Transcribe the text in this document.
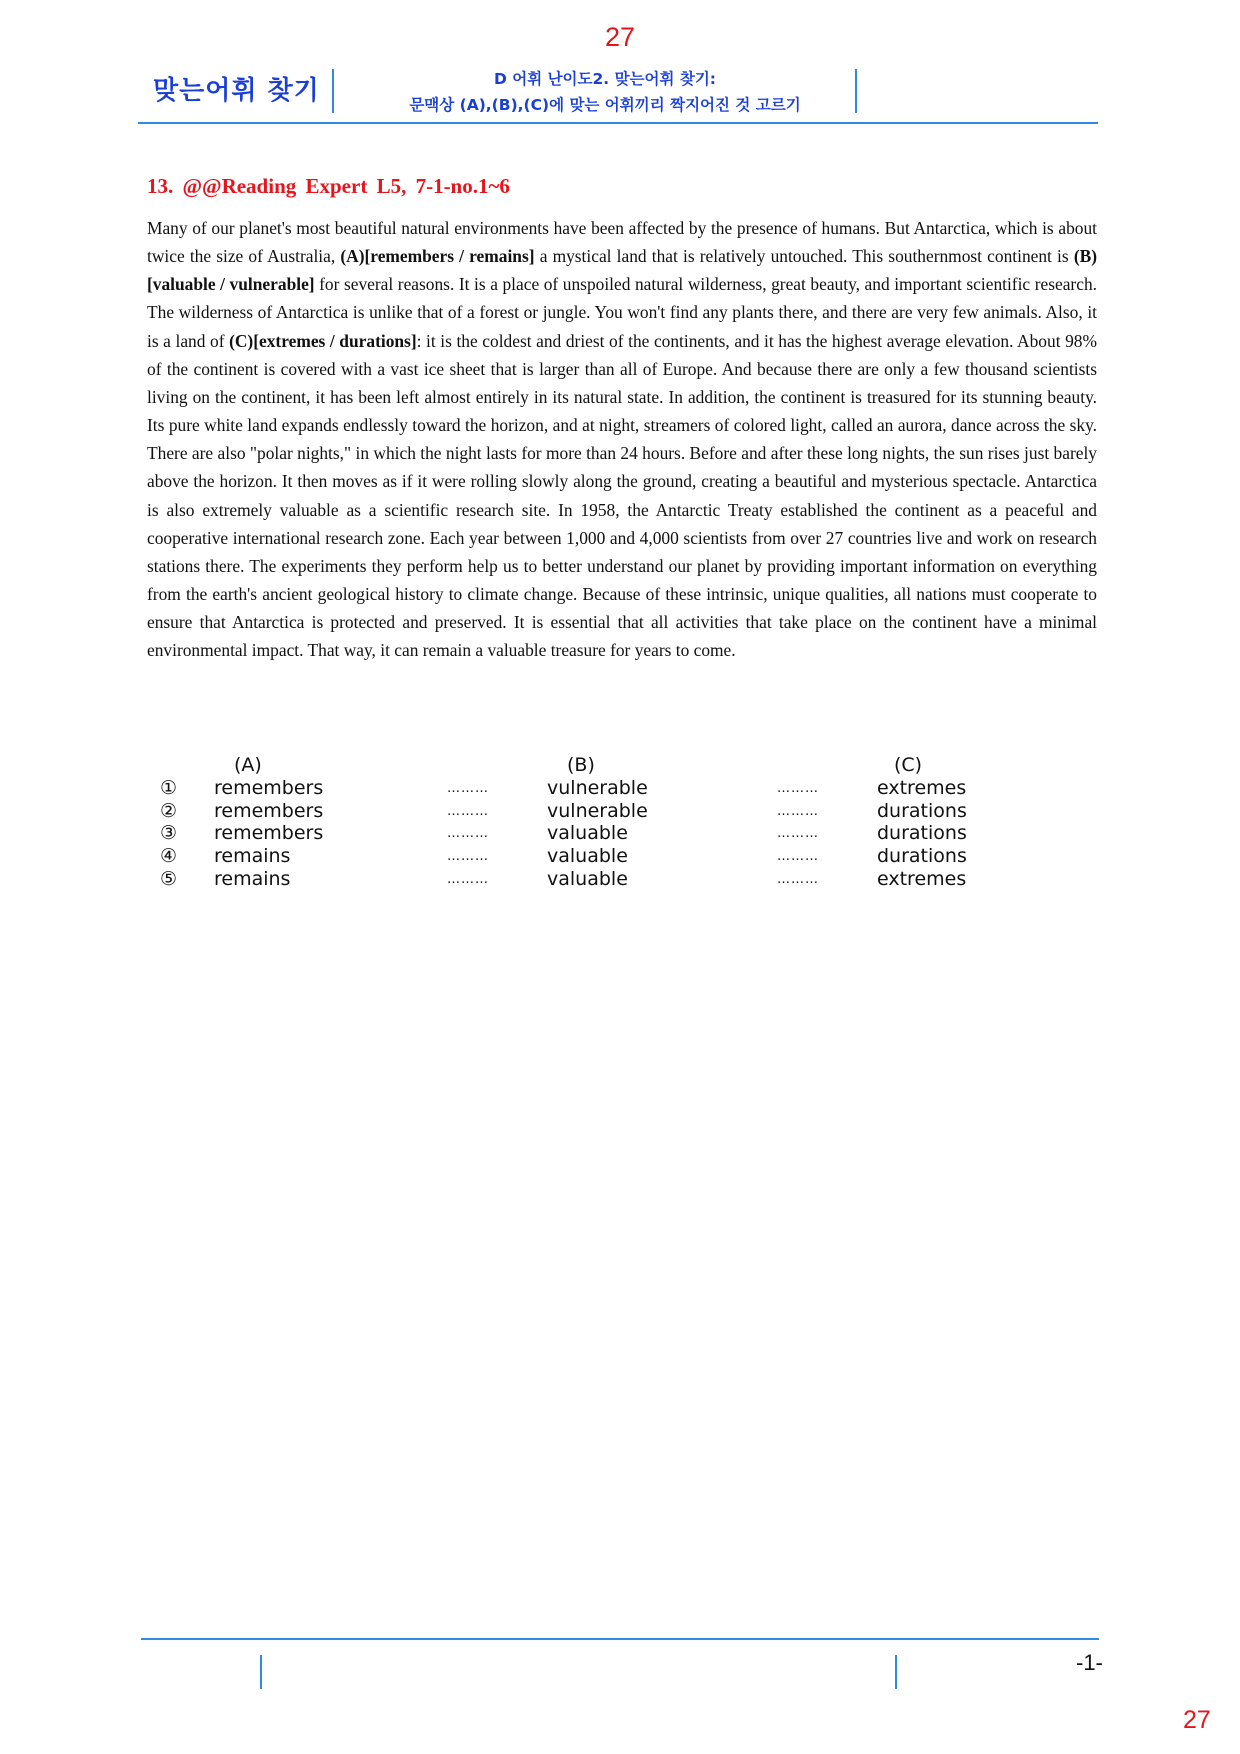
27
맞는어휘 찾기	D 어휘 난이도2. 맞는어휘 찾기:
문맥상 (A),(B),(C)에 맞는 어휘끼리 짝지어진 것 고르기
13. @@Reading Expert L5, 7-1-no.1~6
Many of our planet's most beautiful natural environments have been affected by the presence of humans. But Antarctica, which is about twice the size of Australia, (A)[remembers / remains] a mystical land that is relatively untouched. This southernmost continent is (B)[valuable / vulnerable] for several reasons. It is a place of unspoiled natural wilderness, great beauty, and important scientific research. The wilderness of Antarctica is unlike that of a forest or jungle. You won't find any plants there, and there are very few animals. Also, it is a land of (C)[extremes / durations]: it is the coldest and driest of the continents, and it has the highest average elevation. About 98% of the continent is covered with a vast ice sheet that is larger than all of Europe. And because there are only a few thousand scientists living on the continent, it has been left almost entirely in its natural state. In addition, the continent is treasured for its stunning beauty. Its pure white land expands endlessly toward the horizon, and at night, streamers of colored light, called an aurora, dance across the sky. There are also "polar nights," in which the night lasts for more than 24 hours. Before and after these long nights, the sun rises just barely above the horizon. It then moves as if it were rolling slowly along the ground, creating a beautiful and mysterious spectacle. Antarctica is also extremely valuable as a scientific research site. In 1958, the Antarctic Treaty established the continent as a peaceful and cooperative international research zone. Each year between 1,000 and 4,000 scientists from over 27 countries live and work on research stations there. The experiments they perform help us to better understand our planet by providing important information on everything from the earth's ancient geological history to climate change. Because of these intrinsic, unique qualities, all nations must cooperate to ensure that Antarctica is protected and preserved. It is essential that all activities that take place on the continent have a minimal environmental impact. That way, it can remain a valuable treasure for years to come.
(A)	(B)	(C)
① remembers	………	vulnerable	………	extremes
② remembers	………	vulnerable	………	durations
③ remembers	………	valuable	………	durations
④ remains	………	valuable	………	durations
⑤ remains	………	valuable	………	extremes
-1-
27
